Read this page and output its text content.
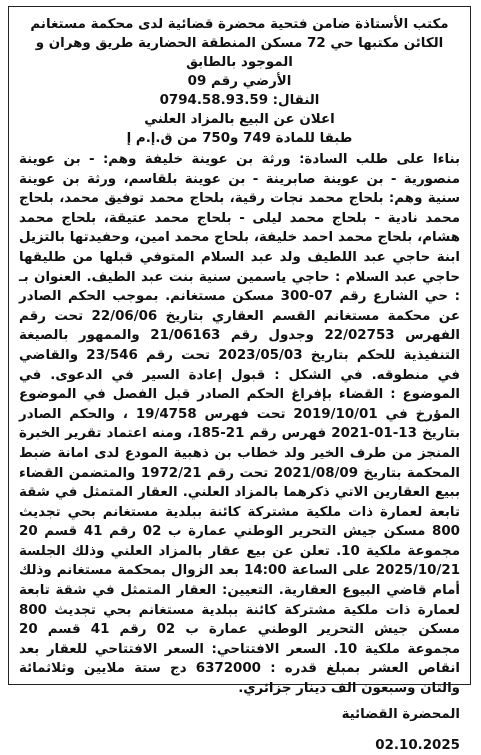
مكتب الأستاذة ضامن فتحية محضرة قضائية لدى محكمة مستغانم

الكائن مكتبها حي 72 مسكن المنطقة الحضارية طريق وهران و الموجود بالطابق

الأرضي رقم 09

النقال: 0794.58.93.59

اعلان عن البيع بالمزاد العلني

طبقا للمادة 749 و750 من ق.إ.م إ

بناءا على طلب السادة: ورثة بن عوينة خليفة وهم: - بن عوينة منصورية - بن عوينة صابرينة - بن عوينة بلقاسم، ورثة بن عوينة سنية وهم: بلحاج محمد نجات رقية، بلحاج محمد توفيق محمد، بلحاج محمد نادية - بلحاج محمد ليلى - بلحاج محمد عتيقة، بلحاج محمد هشام، بلحاج محمد احمد خليفة، بلحاج محمد امين، وحفيدتها بالتزيل ابنة حاجي عبد اللطيف ولد عبد السلام المتوفي قبلها من طليقها حاجي عبد السلام : حاجي ياسمين سنية بنت عبد الطيف. العنوان بـ : حي الشارع رقم 07-300 مسكن مستغانم. بموجب الحكم الصادر عن محكمة مستغانم القسم العقاري بتاريخ 22/06/06 تحت رقم الفهرس 22/02753 وجدول رقم 21/06163 والممهور بالصيغة التنفيذية للحكم بتاريخ 2023/05/03 تحت رقم 23/546 والقاضي في منطوقه. في الشكل : قبول إعادة السير في الدعوى. في الموضوع : القضاء بإفراغ الحكم الصادر قبل الفصل في الموضوع المؤرخ في 2019/10/01 تحت فهرس 19/4758 ، والحكم الصادر بتاريخ 13-01-2021 فهرس رقم 21-185، ومنه اعتماد تقرير الخبرة المنجز من طرف الخير ولد خطاب بن ذهبية المودع لدى امانة ضبط المحكمة بتاريخ 2021/08/09 تحت رقم 1972/21 والمتضمن القضاء ببيع العقارين الاتي ذكرهما بالمزاد العلني. العقار المتمثل في شقة تابعة لعمارة ذات ملكية مشتركة كائنة ببلدية مستغانم بحي تجديث 800 مسكن جيش التحرير الوطني عمارة ب 02 رقم 41 قسم 20 مجموعة ملكية 10. تعلن عن بيع عقار بالمزاد العلني وذلك الجلسة 2025/10/21 على الساعة 14:00 بعد الزوال بمحكمة مستغانم وذلك أمام قاضي البيوع العقارية. التعيين: العقار المتمثل في شقة تابعة لعمارة ذات ملكية مشتركة كائنة ببلدية مستغانم بحي تجديث 800 مسكن جيش التحرير الوطني عمارة ب 02 رقم 41 قسم 20 مجموعة ملكية 10. السعر الافتتاحي: السعر الافتتاحي للعقار بعد انقاص العشر بمبلغ قدره : 6372000 دج ستة ملايين وثلاثمائة والثان وسبعون الف دينار جزائري.

المحضرة القضائية
02.10.2025
